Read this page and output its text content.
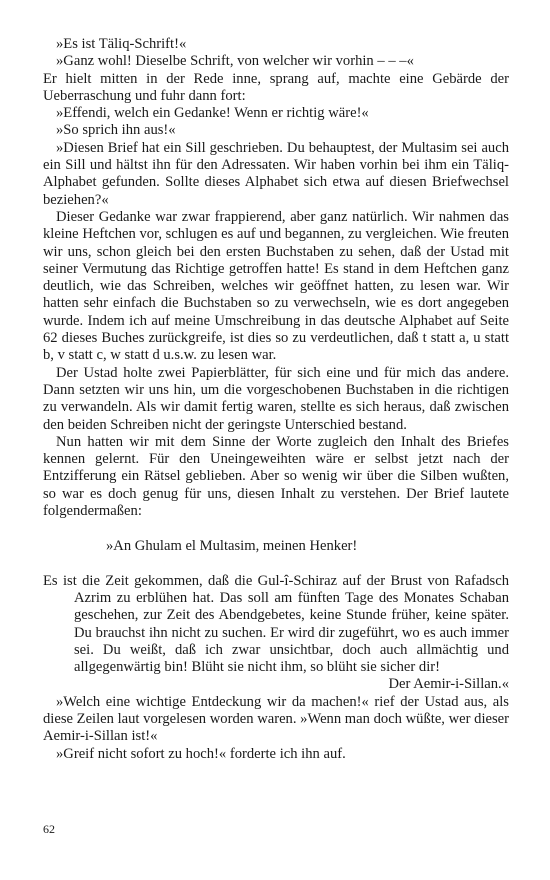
»Es ist Täliq-Schrift!«

»Ganz wohl! Dieselbe Schrift, von welcher wir vorhin – – –«

Er hielt mitten in der Rede inne, sprang auf, machte eine Gebärde der Ueberraschung und fuhr dann fort:

»Effendi, welch ein Gedanke! Wenn er richtig wäre!«

»So sprich ihn aus!«

»Diesen Brief hat ein Sill geschrieben. Du behauptest, der Multasim sei auch ein Sill und hältst ihn für den Adressaten. Wir haben vorhin bei ihm ein Täliq-Alphabet gefunden. Sollte dieses Alphabet sich etwa auf diesen Briefwechsel beziehen?«

Dieser Gedanke war zwar frappierend, aber ganz natürlich. Wir nahmen das kleine Heftchen vor, schlugen es auf und begannen, zu vergleichen. Wie freuten wir uns, schon gleich bei den ersten Buchstaben zu sehen, daß der Ustad mit seiner Vermutung das Richtige getroffen hatte! Es stand in dem Heftchen ganz deutlich, wie das Schreiben, welches wir geöffnet hatten, zu lesen war. Wir hatten sehr einfach die Buchstaben so zu verwechseln, wie es dort angegeben wurde. Indem ich auf meine Umschreibung in das deutsche Alphabet auf Seite 62 dieses Buches zurückgreife, ist dies so zu verdeutlichen, daß t statt a, u statt b, v statt c, w statt d u.s.w. zu lesen war.

Der Ustad holte zwei Papierblätter, für sich eine und für mich das andere. Dann setzten wir uns hin, um die vorgeschobenen Buchstaben in die richtigen zu verwandeln. Als wir damit fertig waren, stellte es sich heraus, daß zwischen den beiden Schreiben nicht der geringste Unterschied bestand.

Nun hatten wir mit dem Sinne der Worte zugleich den Inhalt des Briefes kennen gelernt. Für den Uneingeweihten wäre er selbst jetzt nach der Entzifferung ein Rätsel geblieben. Aber so wenig wir über die Silben wußten, so war es doch genug für uns, diesen Inhalt zu verstehen. Der Brief lautete folgendermaßen:

»An Ghulam el Multasim, meinen Henker!

Es ist die Zeit gekommen, daß die Gul-î-Schiraz auf der Brust von Rafadsch Azrim zu erblühen hat. Das soll am fünften Tage des Monates Schaban geschehen, zur Zeit des Abendgebetes, keine Stunde früher, keine später. Du brauchst ihn nicht zu suchen. Er wird dir zugeführt, wo es auch immer sei. Du weißt, daß ich zwar unsichtbar, doch auch allmächtig und allgegenwärtig bin! Blüht sie nicht ihm, so blüht sie sicher dir!

Der Aemir-i-Sillan.«

»Welch eine wichtige Entdeckung wir da machen!« rief der Ustad aus, als diese Zeilen laut vorgelesen worden waren. »Wenn man doch wüßte, wer dieser Aemir-i-Sillan ist!«

»Greif nicht sofort zu hoch!« forderte ich ihn auf.

62
